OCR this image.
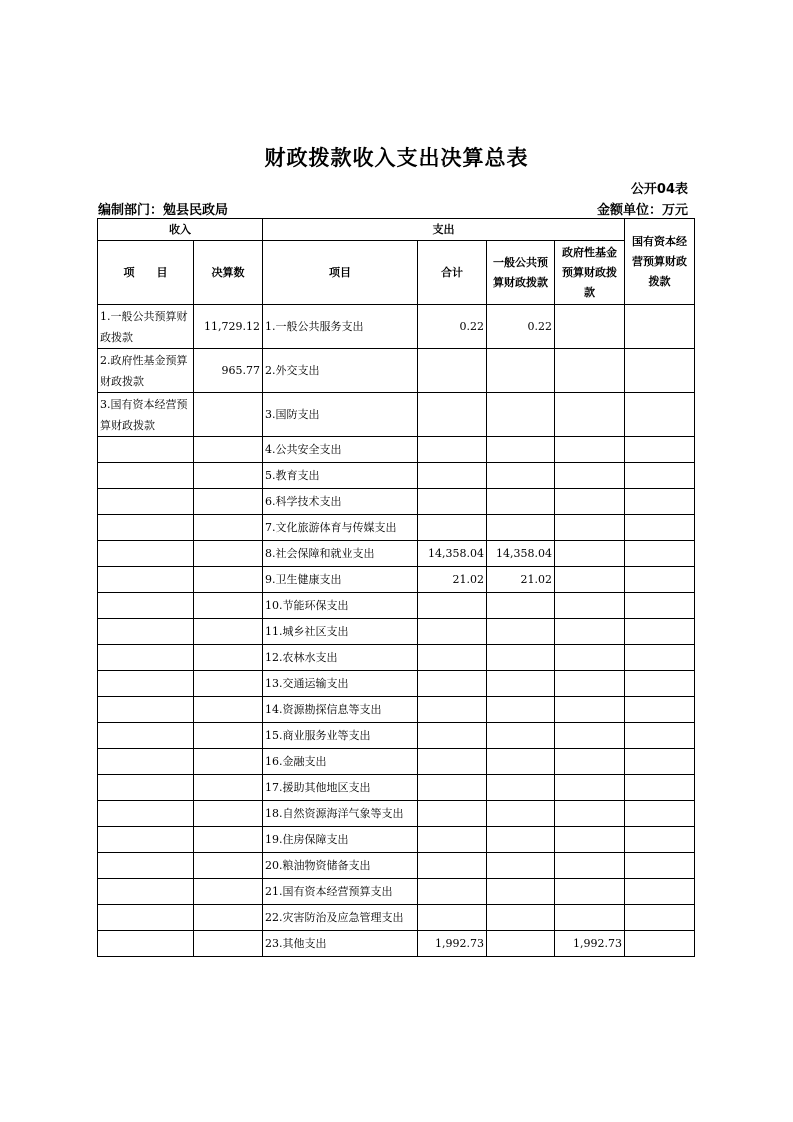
财政拨款收入支出决算总表
公开04表
编制部门：勉县民政局	金额单位：万元
收入		支出				国有资本经营预算财政拨款
项　　目	决算数	项目	合计	一般公共预算财政拨款	政府性基金预算财政拨款	
1.一般公共预算财政拨款	11,729.12	1.一般公共服务支出	0.22	0.22		
2.政府性基金预算财政拨款	965.77	2.外交支出				
3.国有资本经营预算财政拨款		3.国防支出				
		4.公共安全支出				
		5.教育支出				
		6.科学技术支出				
		7.文化旅游体育与传媒支出				
		8.社会保障和就业支出	14,358.04	14,358.04		
		9.卫生健康支出	21.02	21.02		
		10.节能环保支出				
		11.城乡社区支出				
		12.农林水支出				
		13.交通运输支出				
		14.资源勘探信息等支出				
		15.商业服务业等支出				
		16.金融支出				
		17.援助其他地区支出				
		18.自然资源海洋气象等支出				
		19.住房保障支出				
		20.粮油物资储备支出				
		21.国有资本经营预算支出				
		22.灾害防治及应急管理支出				
		23.其他支出	1,992.73		1,992.73	
